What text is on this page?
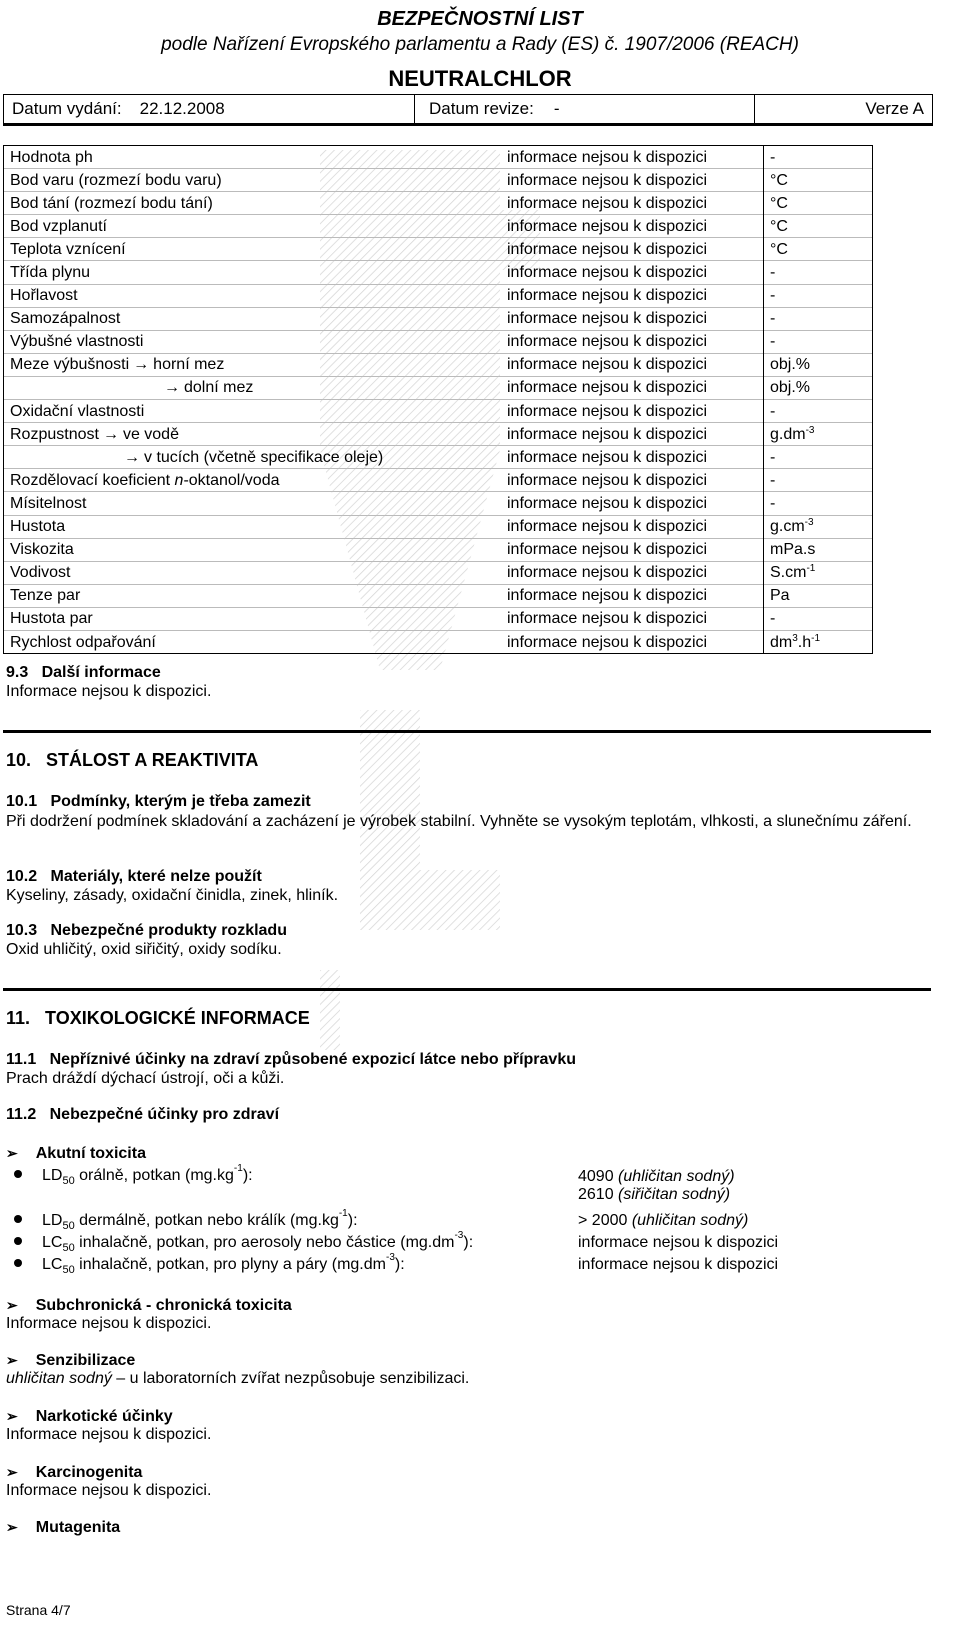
BEZPEČNOSTNÍ LIST
podle Nařízení Evropského parlamentu a Rady (ES) č. 1907/2006 (REACH)
NEUTRALCHLOR
Datum vydání: 22.12.2008	Datum revize: -	Verze A
Hodnota ph	informace nejsou k dispozici	-
Bod varu (rozmezí bodu varu)	informace nejsou k dispozici	°C
Bod tání (rozmezí bodu tání)	informace nejsou k dispozici	°C
Bod vzplanutí	informace nejsou k dispozici	°C
Teplota vznícení	informace nejsou k dispozici	°C
Třída plynu	informace nejsou k dispozici	-
Hořlavost	informace nejsou k dispozici	-
Samozápalnost	informace nejsou k dispozici	-
Výbušné vlastnosti	informace nejsou k dispozici	-
Meze výbušnosti → horní mez	informace nejsou k dispozici	obj.%
→ dolní mez	informace nejsou k dispozici	obj.%
Oxidační vlastnosti	informace nejsou k dispozici	-
Rozpustnost → ve vodě	informace nejsou k dispozici	$g.dm^{-3}$
→ v tucích (včetně specifikace oleje)	informace nejsou k dispozici	-
Rozdělovací koeficient n-oktanol/voda	informace nejsou k dispozici	-
Mísitelnost	informace nejsou k dispozici	-
Hustota	informace nejsou k dispozici	$g.cm^{-3}$
Viskozita	informace nejsou k dispozici	mPa.s
Vodivost	informace nejsou k dispozici	$S.cm^{-1}$
Tenze par	informace nejsou k dispozici	Pa
Hustota par	informace nejsou k dispozici	-
Rychlost odpařování	informace nejsou k dispozici	$dm^3.h^{-1}$
9.3 Další informace
Informace nejsou k dispozici.
10. STÁLOST A REAKTIVITA
10.1 Podmínky, kterým je třeba zamezit
Při dodržení podmínek skladování a zacházení je výrobek stabilní. Vyhněte se vysokým teplotám, vlhkosti, a slunečnímu záření.
10.2 Materiály, které nelze použít
Kyseliny, zásady, oxidační činidla, zinek, hliník.
10.3 Nebezpečné produkty rozkladu
Oxid uhličitý, oxid siřičitý, oxidy sodíku.
11. TOXIKOLOGICKÉ INFORMACE
11.1 Nepříznivé účinky na zdraví způsobené expozicí látce nebo přípravku
Prach dráždí dýchací ústrojí, oči a kůži.
11.2 Nebezpečné účinky pro zdraví
➢ Akutní toxicita
$LD_{50}$ orálně, potkan $(mg.kg^{-1})$:	4090 (uhličitan sodný)
2610 (siřičitan sodný)
$LD_{50}$ dermálně, potkan nebo králík $(mg.kg^{-1})$:	> 2000 (uhličitan sodný)
$LC_{50}$ inhalačně, potkan, pro aerosoly nebo částice $(mg.dm^{-3})$:	informace nejsou k dispozici
$LC_{50}$ inhalačně, potkan, pro plyny a páry $(mg.dm^{-3})$:	informace nejsou k dispozici
➢ Subchronická - chronická toxicita
Informace nejsou k dispozici.
➢ Senzibilizace
uhličitan sodný – u laboratorních zvířat nezpůsobuje senzibilizaci.
➢ Narkotické účinky
Informace nejsou k dispozici.
➢ Karcinogenita
Informace nejsou k dispozici.
➢ Mutagenita
Strana 4/7
